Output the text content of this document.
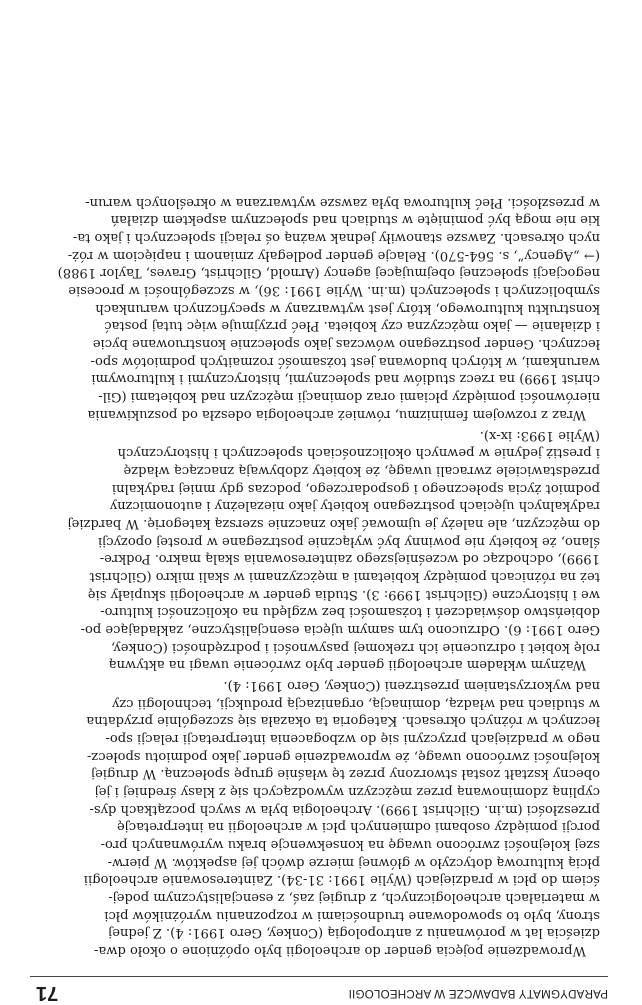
PARADYGMATY BADAWCZE W ARCHEOLOGII
71
Wprowadzenie pojęcia gender do archeologii było opóźnione o około dwa-
dzieścia lat w porównaniu z antropologią (Conkey, Gero 1991: 4). Z jednej
strony, było to spowodowane trudnościami w rozpoznaniu wyróżników płci
w materiałach archeologicznych, z drugiej zaś, z esencjalistycznym podej-
ściem do płci w pradziejach (Wylie 1991: 31-34). Zainteresowanie archeologii
płcią kulturową dotyczyło w głównej mierze dwóch jej aspektów. W pierw-
szej kolejności zwrócono uwagę na konsekwencje braku wyrównanych pro-
porcji pomiędzy osobami odmiennych płci w archeologii na interpretację
przeszłości (m.in. Gilchrist 1999). Archeologia była w swych początkach dys-
cypliną zdominowaną przez mężczyzn wywodzących się z klasy średniej i jej
obecny kształt został stworzony przez tę właśnie grupę społeczną. W drugiej
kolejności zwrócono uwagę, że wprowadzenie gender jako podmiotu społecz-
nego w pradziejach przyczyni się do wzbogacenia interpretacji relacji spo-
łecznych w różnych okresach. Kategoria ta okazała się szczególnie przydatna
w studiach nad władzą, dominacją, organizacją produkcji, technologii czy
nad wykorzystaniem przestrzeni (Conkey, Gero 1991: 4).
Ważnym wkładem archeologii gender było zwrócenie uwagi na aktywną
rolę kobiet i odrzucenie ich rzekomej pasywności i podrzędności (Conkey,
Gero 1991: 6). Odrzucono tym samym ujęcia esencjalistyczne, zakładające po-
dobieństwo doświadczeń i tożsamości bez względu na okoliczności kulturo-
we i historyczne (Gilchrist 1999: 3). Studia gender w archeologii skupiały się
też na różnicach pomiędzy kobietami a mężczyznami w skali mikro (Gilchrist
1999), odchodząc od wcześniejszego zainteresowania skalą makro. Podkre-
ślano, że kobiety nie powinny być wyłącznie postrzegane w prostej opozycji
do mężczyzn, ale należy je ujmować jako znacznie szerszą kategorię. W bardziej
radykalnych ujęciach postrzegano kobiety jako niezależny i autonomiczny
podmiot życia społecznego i gospodarczego, podczas gdy mniej radykalni
przedstawiciele zwracali uwagę, że kobiety zdobywają znaczącą władzę
i prestiż jedynie w pewnych okolicznościach społecznych i historycznych
(Wylie 1993: ix-x).
Wraz z rozwojem feminizmu, również archeologia odeszła od poszukiwania
nierówności pomiędzy płciami oraz dominacji mężczyzn nad kobietami (Gil-
christ 1999) na rzecz studiów nad społecznymi, historycznymi i kulturowymi
warunkami, w których budowana jest tożsamość rozmaitych podmiotów spo-
łecznych. Gender postrzegano wówczas jako społecznie konstruowane bycie
i działanie — jako mężczyzna czy kobieta. Płeć przyjmuje więc tutaj postać
konstruktu kulturowego, który jest wytwarzany w specyficznych warunkach
symbolicznych i społecznych (m.in. Wylie 1991: 36), w szczególności w procesie
negocjacji społecznej obejmującej agency (Arnold, Gilchrist, Graves, Taylor 1988)
(→ „Agency”, s. 564-570). Relacje gender podlegały zmianom i napięciom w róż-
nych okresach. Zawsze stanowiły jednak ważną oś relacji społecznych i jako ta-
kie nie mogą być pominięte w studiach nad społecznym aspektem działań
w przeszłości. Płeć kulturowa była zawsze wytwarzana w określonych warun-
